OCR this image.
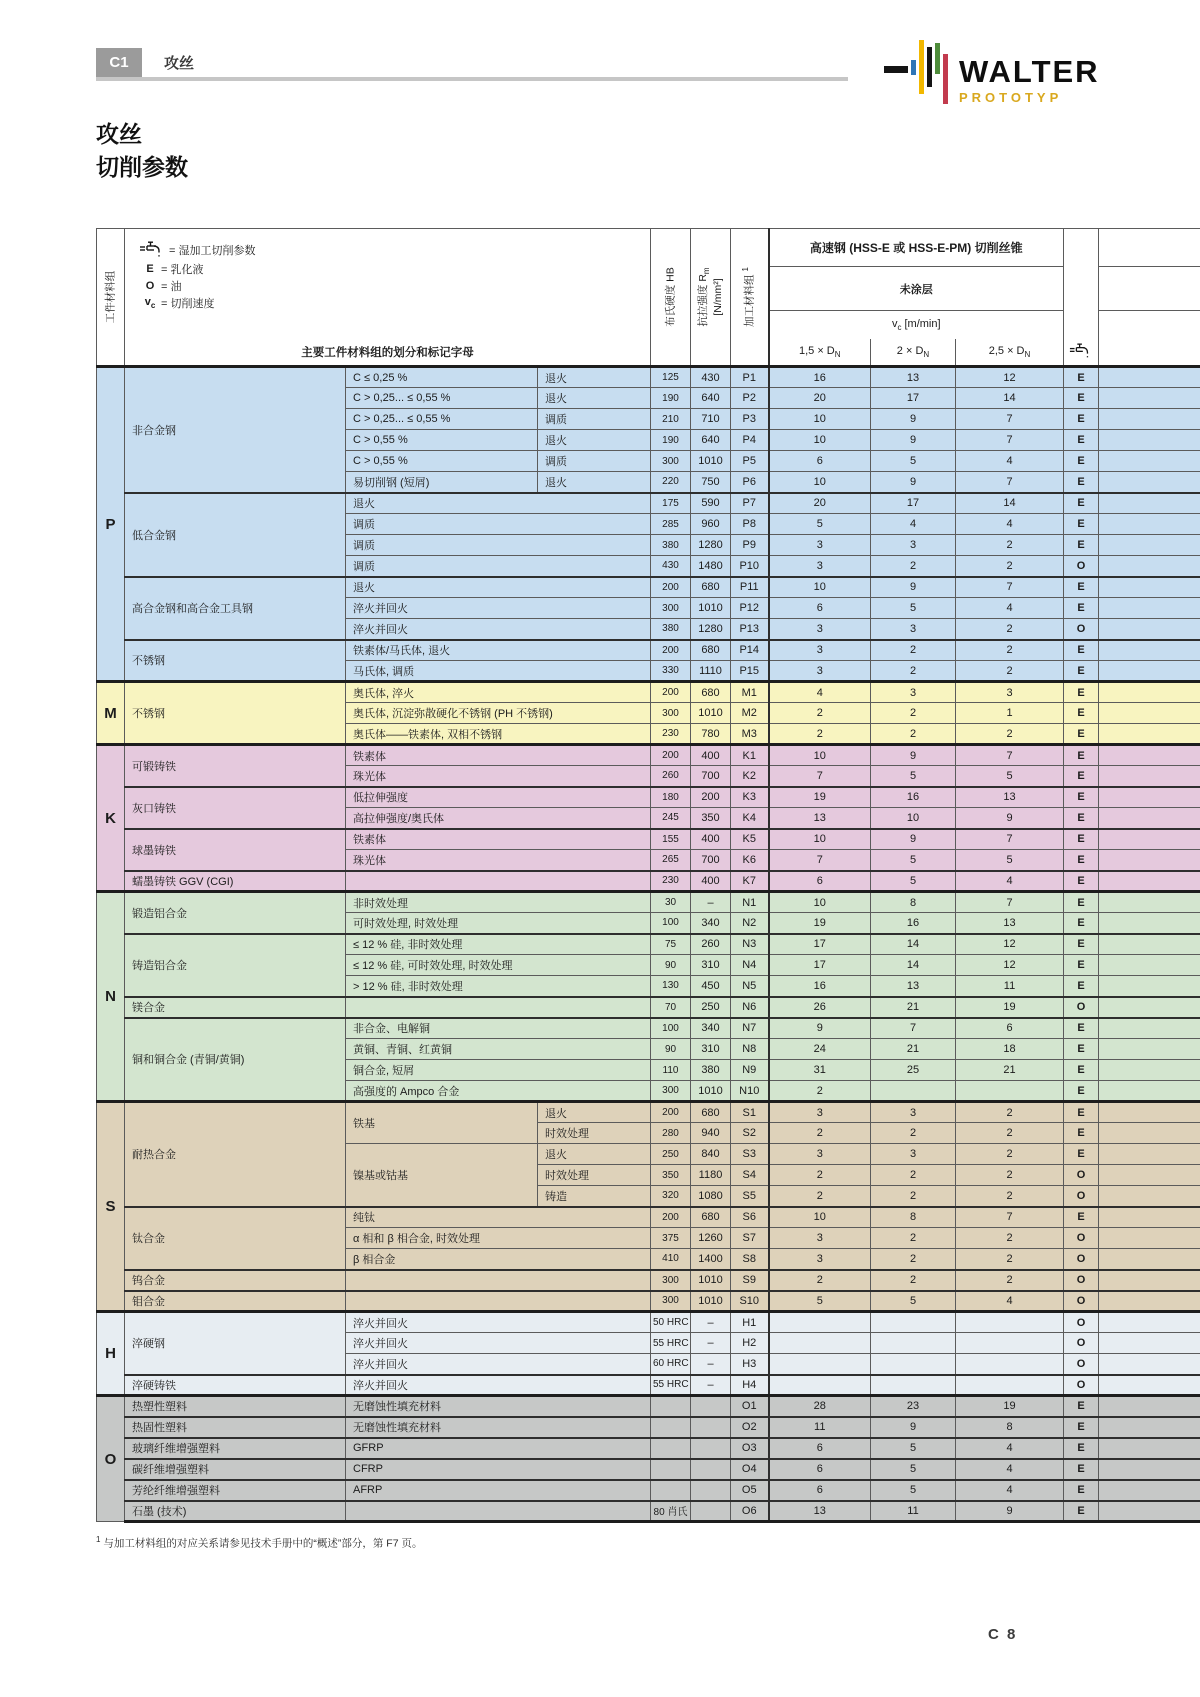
C1	攻丝	WALTER
PROTOTYP
攻丝
切削参数
工件材料组

= 湿加工切削参数
E = 乳化液
O = 油
$v_c$ = 切削速度
主要工件材料组的划分和标记字母

布氏硬度 HB	抗拉强度 $R_m$
[N/mm²]	加工材料组 $^1$
	高速钢 (HSS-E 或 HSS-E-PM) 切削丝锥		
							未涂层				
							$v_c$ [m/min]				
							$1,5 \times D_N$	$2 \times D_N$	$2,5 \times D_N$
P	非合金钢	C ≤ 0,25 %	退火	125	430	P1	16	13	12	E	
		C > 0,25... ≤ 0,55 %	退火	190	640	P2	20	17	14	E	
		C > 0,25... ≤ 0,55 %	调质	210	710	P3	10	9	7	E	
		C > 0,55 %	退火	190	640	P4	10	9	7	E	
		C > 0,55 %	调质	300	1010	P5	6	5	4	E	
		易切削钢 (短屑)	退火	220	750	P6	10	9	7	E	
	低合金钢	退火		175	590	P7	20	17	14	E	
		调质		285	960	P8	5	4	4	E	
		调质		380	1280	P9	3	3	2	E	
		调质		430	1480	P10	3	2	2	O	
	高合金钢和高合金工具钢	退火		200	680	P11	10	9	7	E	
		淬火并回火		300	1010	P12	6	5	4	E	
		淬火并回火		380	1280	P13	3	3	2	O	
	不锈钢	铁素体/马氏体, 退火		200	680	P14	3	2	2	E	
		马氏体, 调质		330	1110	P15	3	2	2	E	
M	不锈钢	奥氏体, 淬火		200	680	M1	4	3	3	E	
		奥氏体, 沉淀弥散硬化不锈钢 (PH 不锈钢)		300	1010	M2	2	2	1	E	
		奥氏体——铁素体, 双相不锈钢		230	780	M3	2	2	2	E	
K	可锻铸铁	铁素体		200	400	K1	10	9	7	E	
		珠光体		260	700	K2	7	5	5	E	
	灰口铸铁	低拉伸强度		180	200	K3	19	16	13	E	
		高拉伸强度/奥氏体		245	350	K4	13	10	9	E	
	球墨铸铁	铁素体		155	400	K5	10	9	7	E	
		珠光体		265	700	K6	7	5	5	E	
	蠕墨铸铁 GGV (CGI)			230	400	K7	6	5	4	E	
N	锻造铝合金	非时效处理		30	–	N1	10	8	7	E	
		可时效处理, 时效处理		100	340	N2	19	16	13	E	
	铸造铝合金	≤ 12 % 硅, 非时效处理		75	260	N3	17	14	12	E	
		≤ 12 % 硅, 可时效处理, 时效处理		90	310	N4	17	14	12	E	
		> 12 % 硅, 非时效处理		130	450	N5	16	13	11	E	
	镁合金			70	250	N6	26	21	19	O	
	铜和铜合金 (青铜/黄铜)	非合金、电解铜		100	340	N7	9	7	6	E	
		黄铜、青铜、红黄铜		90	310	N8	24	21	18	E	
		铜合金, 短屑		110	380	N9	31	25	21	E	
		高强度的 Ampco 合金		300	1010	N10	2			E	
S	耐热合金	铁基	退火	200	680	S1	3	3	2	E	
			时效处理	280	940	S2	2	2	2	E	
		镍基或钴基	退火	250	840	S3	3	3	2	E	
			时效处理	350	1180	S4	2	2	2	O	
			铸造	320	1080	S5	2	2	2	O	
	钛合金	纯钛		200	680	S6	10	8	7	E	
		α 相和 β 相合金, 时效处理		375	1260	S7	3	2	2	O	
		β 相合金		410	1400	S8	3	2	2	O	
	钨合金			300	1010	S9	2	2	2	O	
	钼合金			300	1010	S10	5	5	4	O	
H	淬硬钢	淬火并回火		50 HRC	–	H1				O	
		淬火并回火		55 HRC	–	H2				O	
		淬火并回火		60 HRC	–	H3				O	
	淬硬铸铁	淬火并回火		55 HRC	–	H4				O	
O	热塑性塑料	无磨蚀性填充材料				O1	28	23	19	E	
	热固性塑料	无磨蚀性填充材料				O2	11	9	8	E	
	玻璃纤维增强塑料	GFRP				O3	6	5	4	E	
	碳纤维增强塑料	CFRP				O4	6	5	4	E	
	芳纶纤维增强塑料	AFRP				O5	6	5	4	E	
	石墨 (技术)			80 肖氏		O6	13	11	9	E	
$^1$ 与加工材料组的对应关系请参见技术手册中的“概述”部分，第 F7 页。
C 8
